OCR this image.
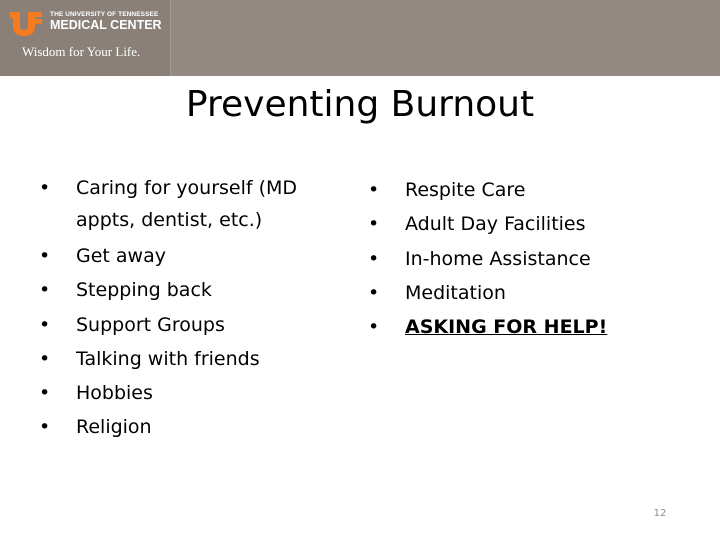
THE UNIVERSITY OF TENNESSEE
MEDICAL CENTER
Wisdom for Your Life.
Preventing Burnout
• Caring for yourself (MD appts, dentist, etc.)
• Get away
• Stepping back
• Support Groups
• Talking with friends
• Hobbies
• Religion
• Respite Care
• Adult Day Facilities
• In-home Assistance
• Meditation
• ASKING FOR HELP!
12
